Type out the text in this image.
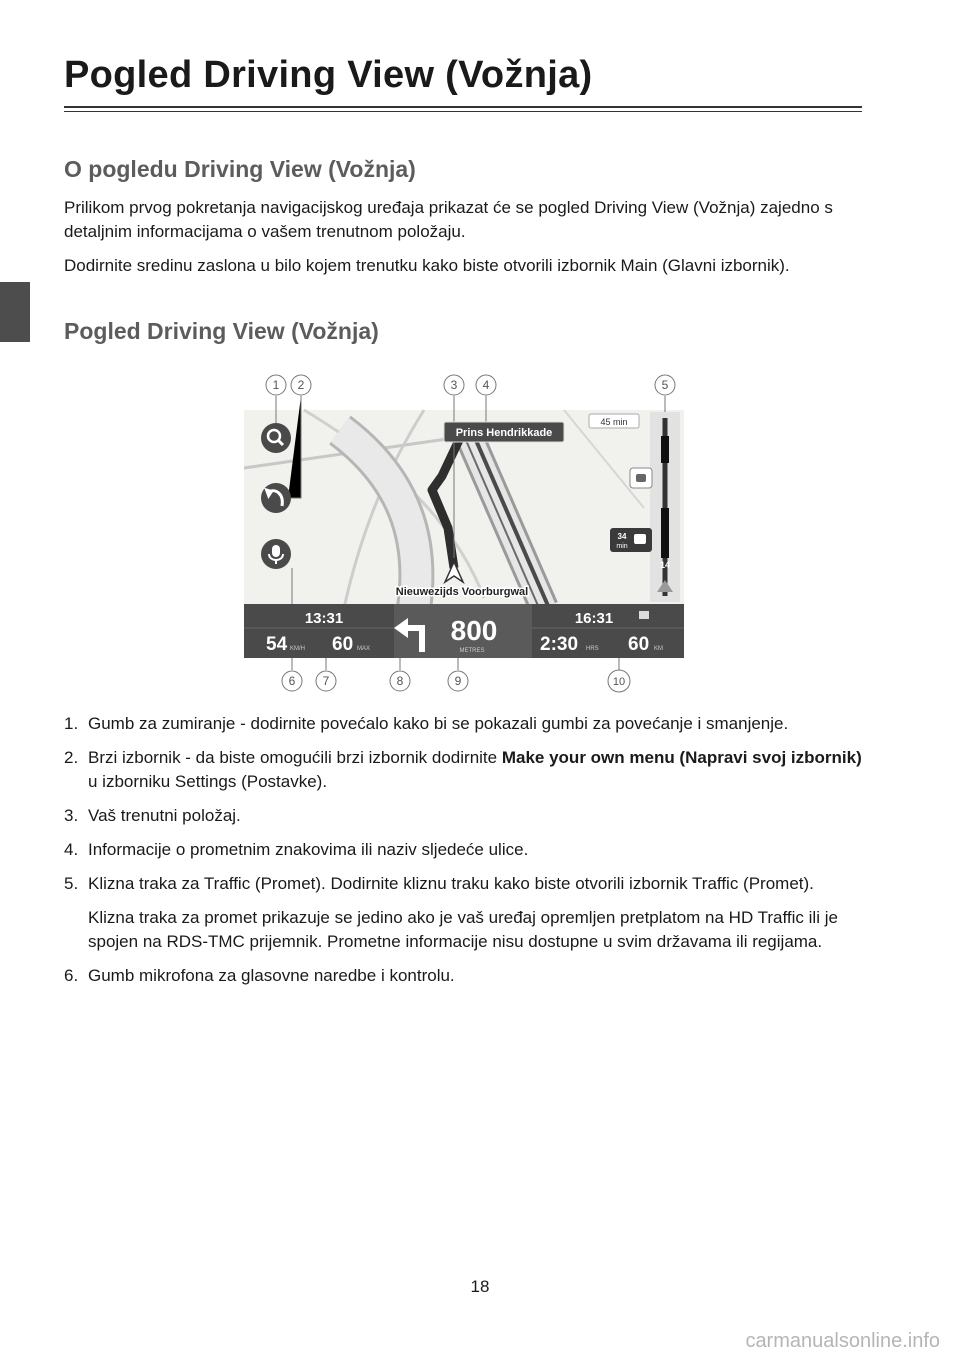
Pogled Driving View (Vožnja)
O pogledu Driving View (Vožnja)

Prilikom prvog pokretanja navigacijskog uređaja prikazat će se pogled Driving View (Vožnja) zajedno s detaljnim informacijama o vašem trenutnom položaju.

Dodirnite sredinu zaslona u bilo kojem trenutku kako biste otvorili izbornik Main (Glavni izbornik).

Pogled Driving View (Vožnja)
Prins Hendrikkade
45 min
34
min
14
Nieuwezijds Voorburgwal
13:31
54 KM/H 60 MAX
800
METRES
16:31
2:30 HRS 60 KM
1 2	3 4	5
6 7	8	9	10
1. Gumb za zumiranje - dodirnite povećalo kako bi se pokazali gumbi za povećanje i smanjenje.
2. Brzi izbornik - da biste omogućili brzi izbornik dodirnite Make your own menu (Napravi svoj izbornik) u izborniku Settings (Postavke).
3. Vaš trenutni položaj.
4. Informacije o prometnim znakovima ili naziv sljedeće ulice.
5. Klizna traka za Traffic (Promet). Dodirnite kliznu traku kako biste otvorili izbornik Traffic (Promet).
Klizna traka za promet prikazuje se jedino ako je vaš uređaj opremljen pretplatom na HD Traffic ili je spojen na RDS-TMC prijemnik. Prometne informacije nisu dostupne u svim državama ili regijama.
6. Gumb mikrofona za glasovne naredbe i kontrolu.
18
carmanualsonline.info
